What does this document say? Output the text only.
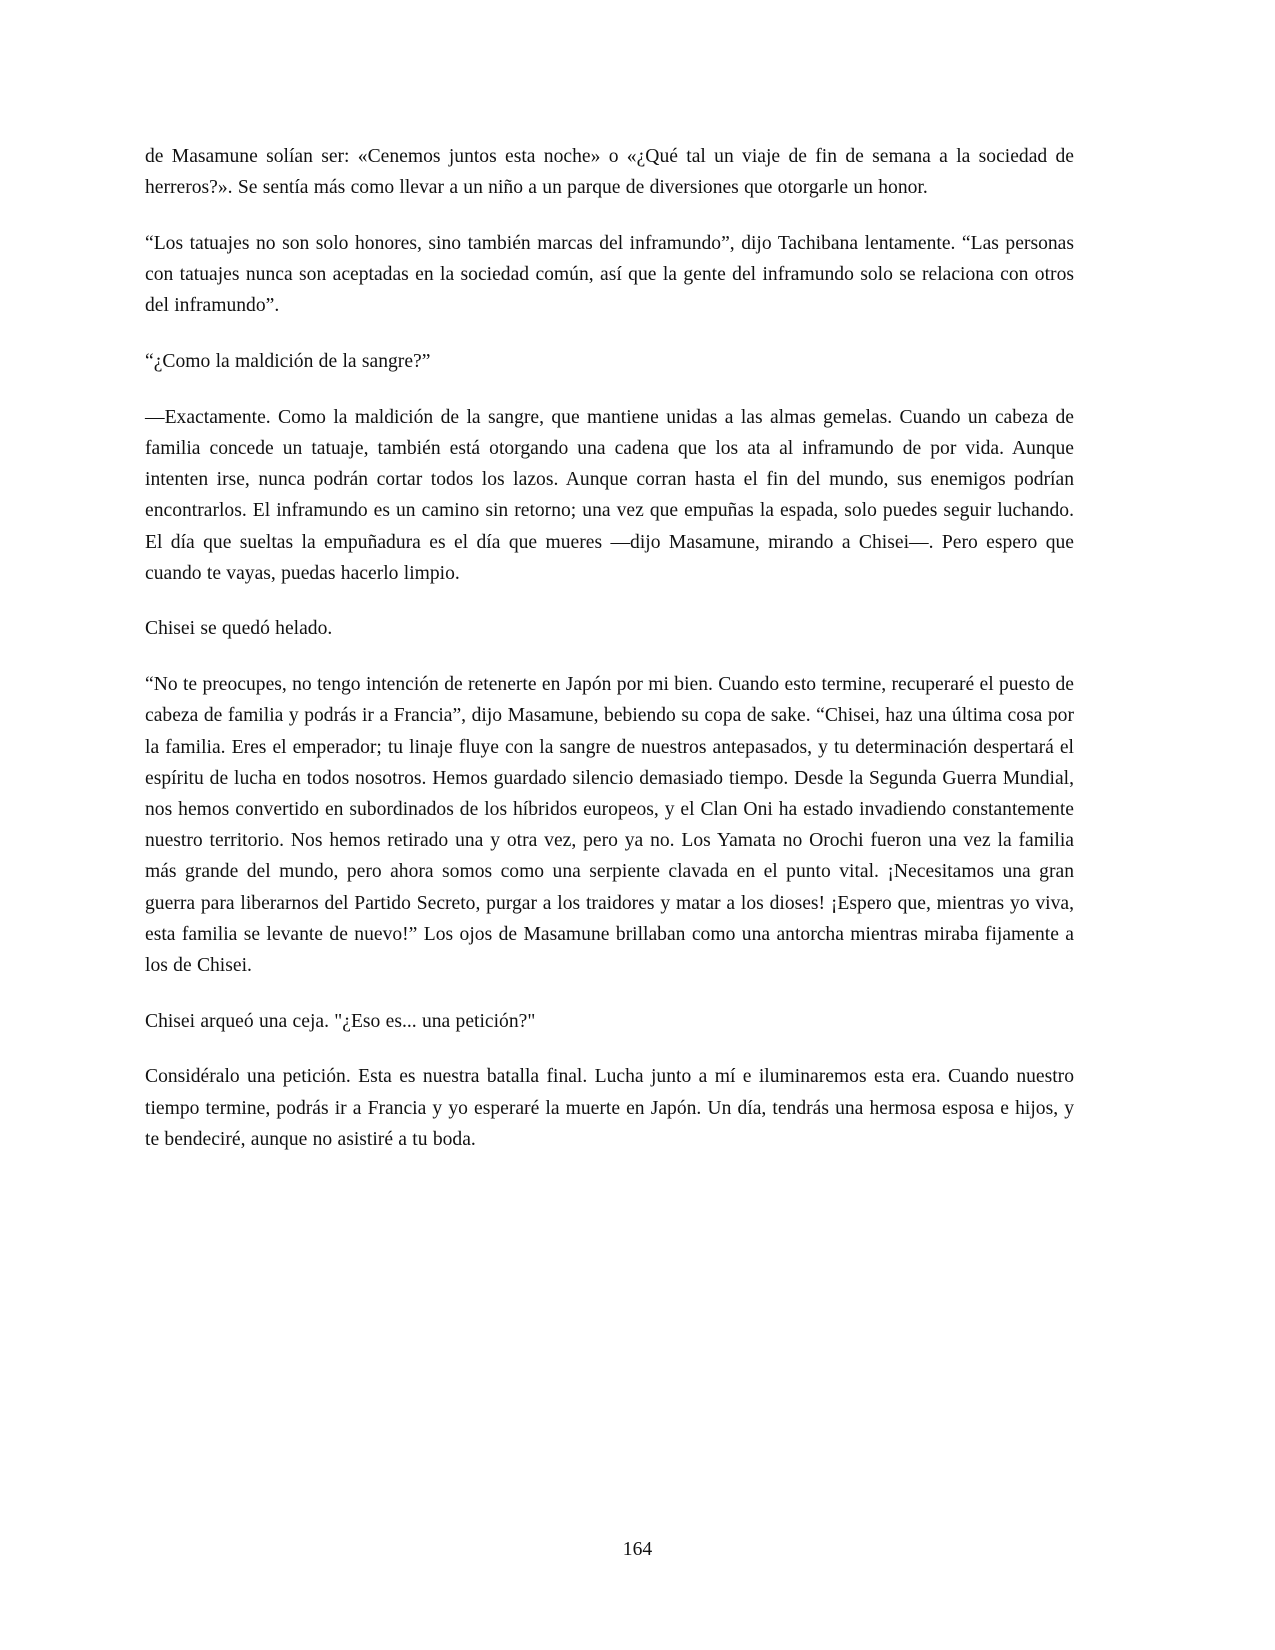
de Masamune solían ser: «Cenemos juntos esta noche» o «¿Qué tal un viaje de fin de semana a la sociedad de herreros?». Se sentía más como llevar a un niño a un parque de diversiones que otorgarle un honor.

“Los tatuajes no son solo honores, sino también marcas del inframundo”, dijo Tachibana lentamente. “Las personas con tatuajes nunca son aceptadas en la sociedad común, así que la gente del inframundo solo se relaciona con otros del inframundo”.

“¿Como la maldición de la sangre?”

—Exactamente. Como la maldición de la sangre, que mantiene unidas a las almas gemelas. Cuando un cabeza de familia concede un tatuaje, también está otorgando una cadena que los ata al inframundo de por vida. Aunque intenten irse, nunca podrán cortar todos los lazos. Aunque corran hasta el fin del mundo, sus enemigos podrían encontrarlos. El inframundo es un camino sin retorno; una vez que empuñas la espada, solo puedes seguir luchando. El día que sueltas la empuñadura es el día que mueres —dijo Masamune, mirando a Chisei—. Pero espero que cuando te vayas, puedas hacerlo limpio.

Chisei se quedó helado.

“No te preocupes, no tengo intención de retenerte en Japón por mi bien. Cuando esto termine, recuperaré el puesto de cabeza de familia y podrás ir a Francia”, dijo Masamune, bebiendo su copa de sake. “Chisei, haz una última cosa por la familia. Eres el emperador; tu linaje fluye con la sangre de nuestros antepasados, y tu determinación despertará el espíritu de lucha en todos nosotros. Hemos guardado silencio demasiado tiempo. Desde la Segunda Guerra Mundial, nos hemos convertido en subordinados de los híbridos europeos, y el Clan Oni ha estado invadiendo constantemente nuestro territorio. Nos hemos retirado una y otra vez, pero ya no. Los Yamata no Orochi fueron una vez la familia más grande del mundo, pero ahora somos como una serpiente clavada en el punto vital. ¡Necesitamos una gran guerra para liberarnos del Partido Secreto, purgar a los traidores y matar a los dioses! ¡Espero que, mientras yo viva, esta familia se levante de nuevo!” Los ojos de Masamune brillaban como una antorcha mientras miraba fijamente a los de Chisei.

Chisei arqueó una ceja. "¿Eso es... una petición?"

Considéralo una petición. Esta es nuestra batalla final. Lucha junto a mí e iluminaremos esta era. Cuando nuestro tiempo termine, podrás ir a Francia y yo esperaré la muerte en Japón. Un día, tendrás una hermosa esposa e hijos, y te bendeciré, aunque no asistiré a tu boda.

164
